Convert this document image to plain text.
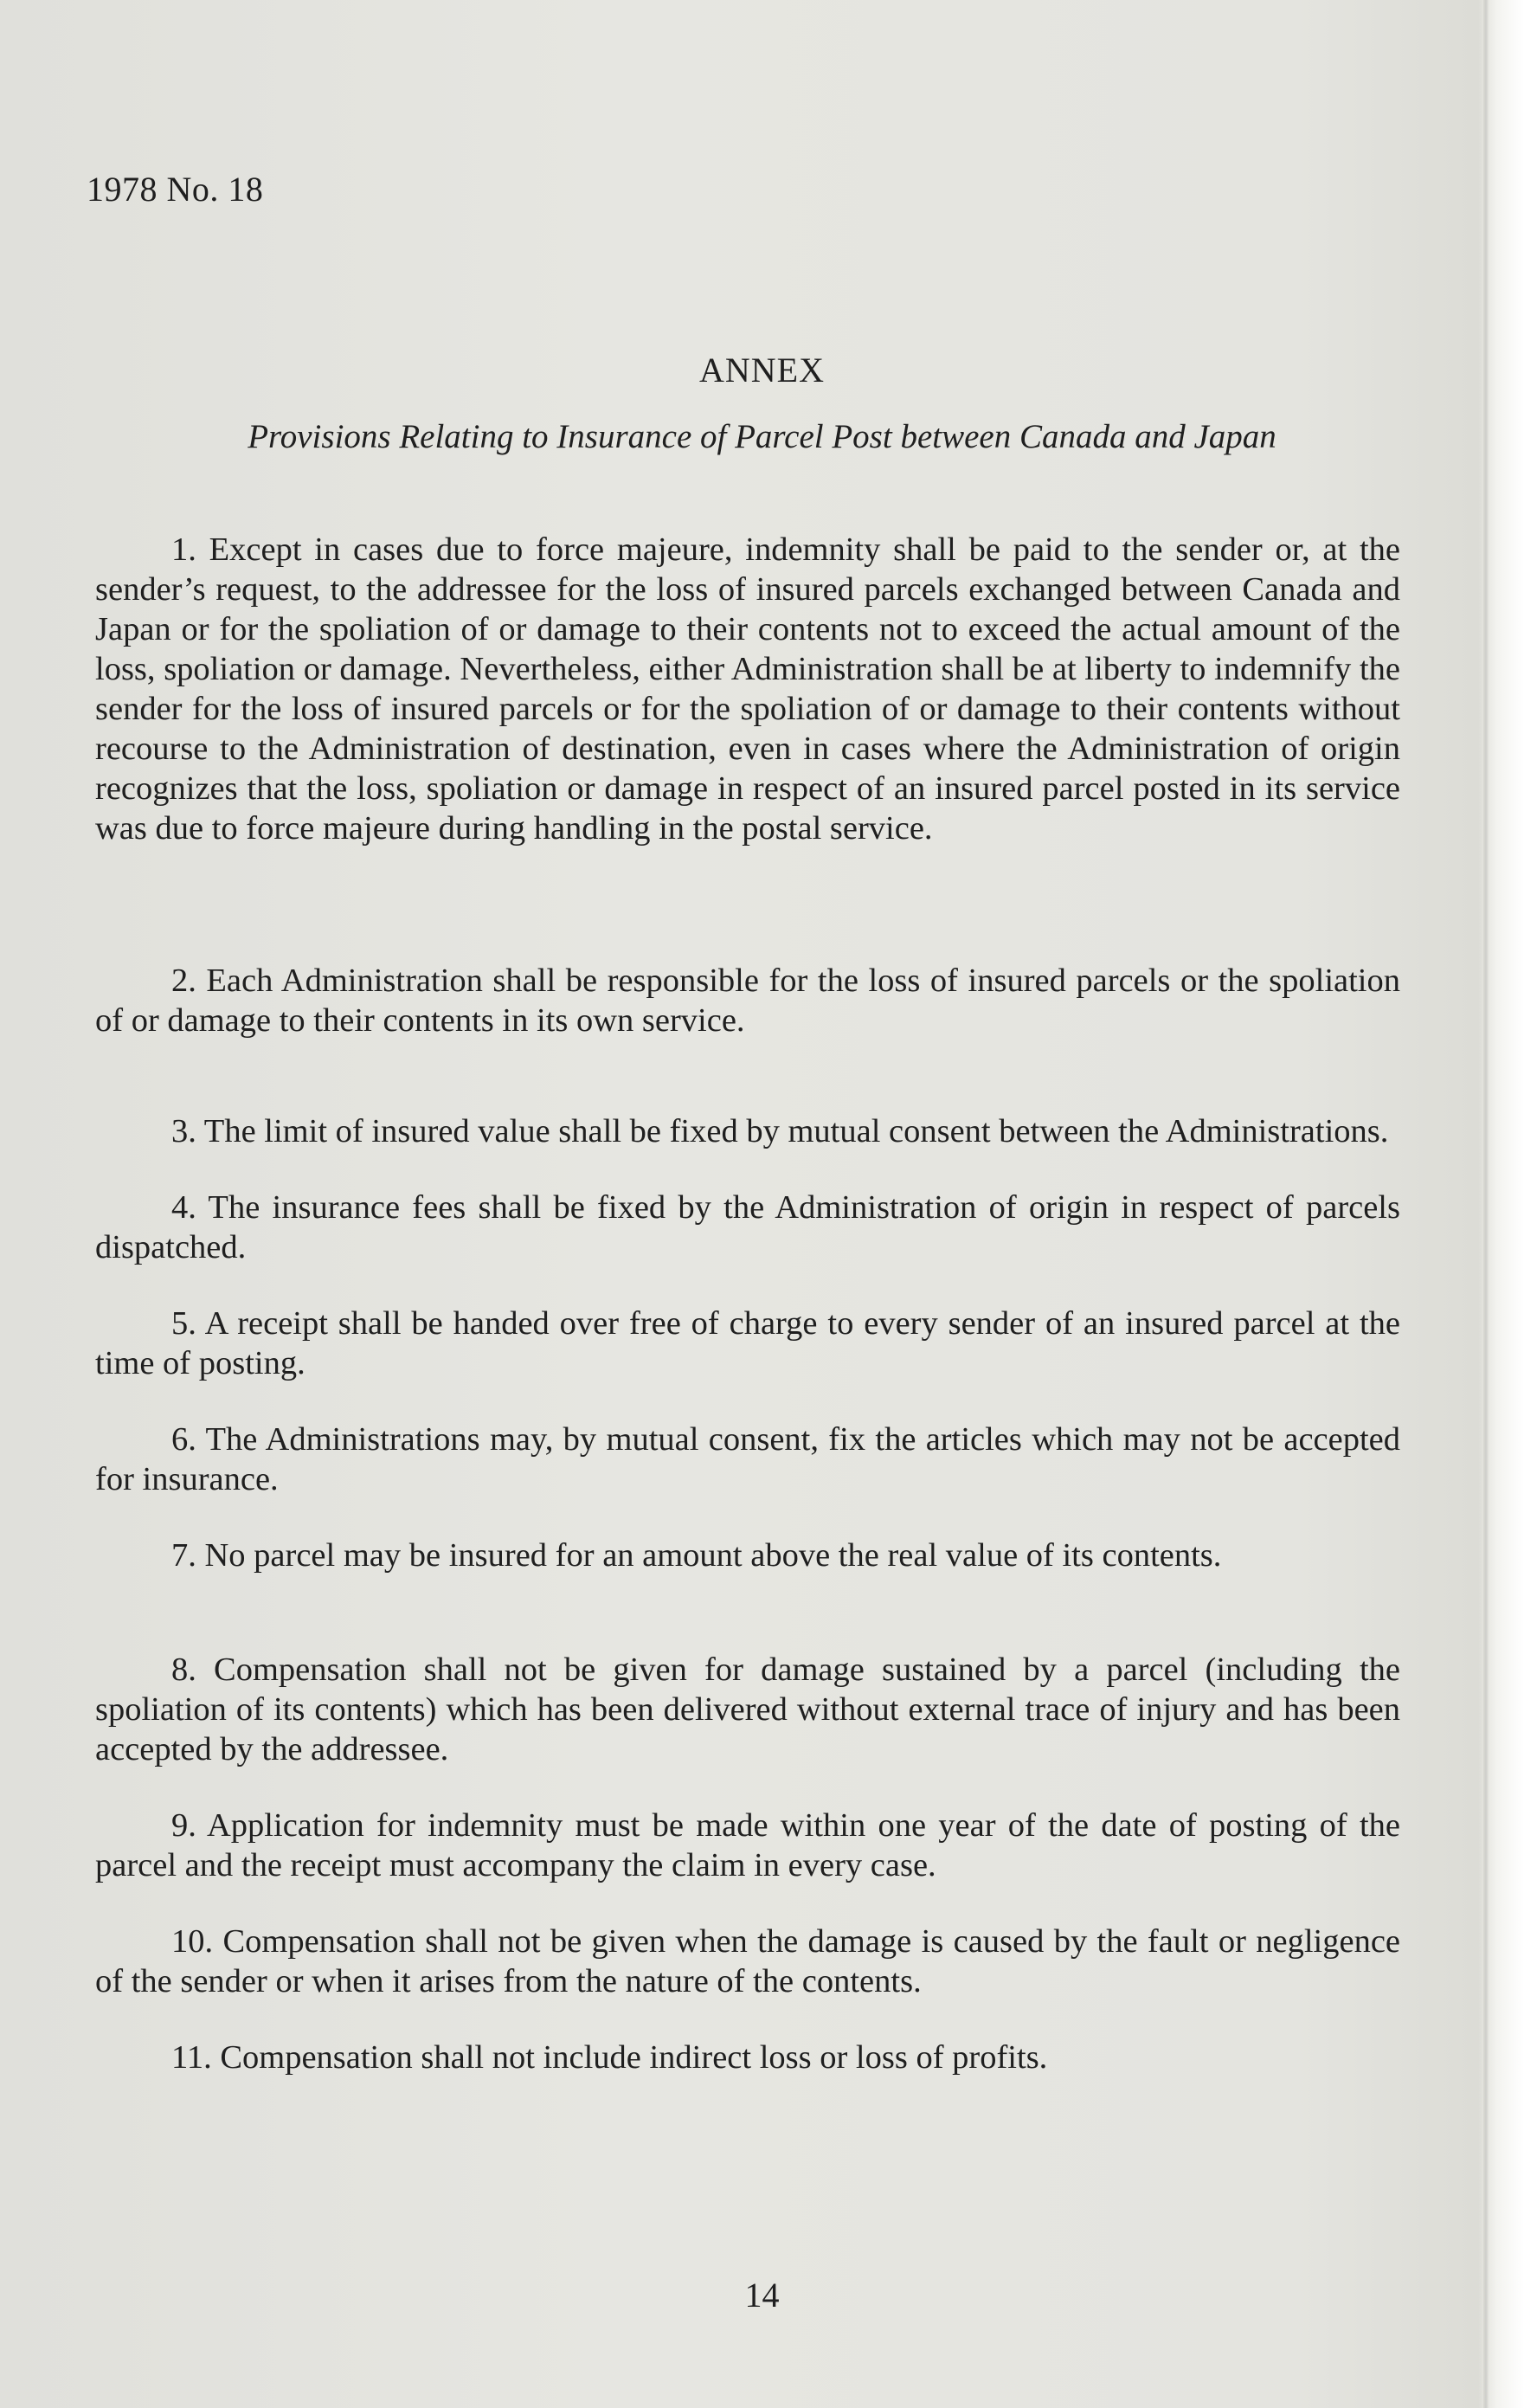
1978 No. 18
ANNEX
Provisions Relating to Insurance of Parcel Post between Canada and Japan

1. Except in cases due to force majeure, indemnity shall be paid to the sender or, at the sender’s request, to the addressee for the loss of insured parcels exchanged between Canada and Japan or for the spoliation of or damage to their contents not to exceed the actual amount of the loss, spoliation or damage. Nevertheless, either Administration shall be at liberty to indemnify the sender for the loss of insured parcels or for the spoliation of or damage to their contents without recourse to the Administration of destination, even in cases where the Administration of origin recognizes that the loss, spoliation or damage in respect of an insured parcel posted in its service was due to force majeure during handling in the postal service.

2. Each Administration shall be responsible for the loss of insured parcels or the spoliation of or damage to their contents in its own service.

3. The limit of insured value shall be fixed by mutual consent between the Administrations.

4. The insurance fees shall be fixed by the Administration of origin in respect of parcels dispatched.

5. A receipt shall be handed over free of charge to every sender of an insured parcel at the time of posting.

6. The Administrations may, by mutual consent, fix the articles which may not be accepted for insurance.

7. No parcel may be insured for an amount above the real value of its contents.

8. Compensation shall not be given for damage sustained by a parcel (including the spoliation of its contents) which has been delivered without external trace of injury and has been accepted by the addressee.

9. Application for indemnity must be made within one year of the date of posting of the parcel and the receipt must accompany the claim in every case.

10. Compensation shall not be given when the damage is caused by the fault or negligence of the sender or when it arises from the nature of the contents.

11. Compensation shall not include indirect loss or loss of profits.

14
